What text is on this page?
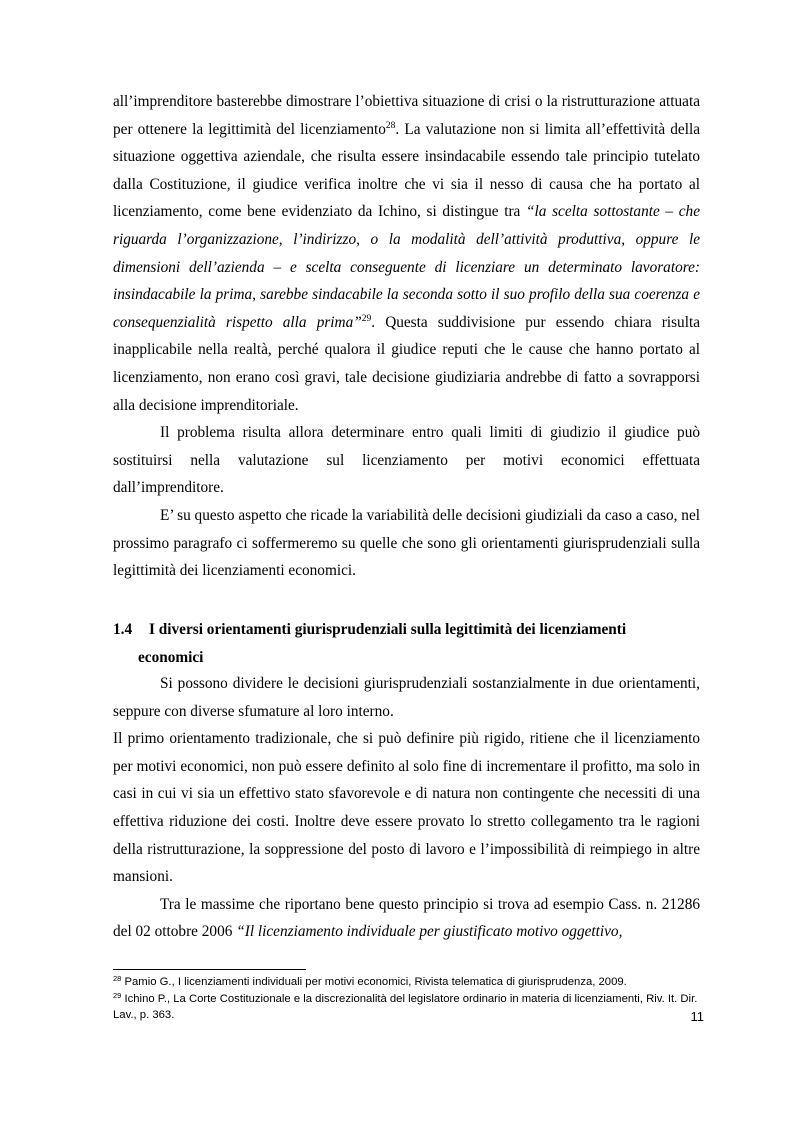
all’imprenditore basterebbe dimostrare l’obiettiva situazione di crisi o la ristrutturazione attuata per ottenere la legittimità del licenziamento$^{28}$. La valutazione non si limita all’effettività della situazione oggettiva aziendale, che risulta essere insindacabile essendo tale principio tutelato dalla Costituzione, il giudice verifica inoltre che vi sia il nesso di causa che ha portato al licenziamento, come bene evidenziato da Ichino, si distingue tra “la scelta sottostante – che riguarda l’organizzazione, l’indirizzo, o la modalità dell’attività produttiva, oppure le dimensioni dell’azienda – e scelta conseguente di licenziare un determinato lavoratore: insindacabile la prima, sarebbe sindacabile la seconda sotto il suo profilo della sua coerenza e consequenzialità rispetto alla prima”$^{29}$. Questa suddivisione pur essendo chiara risulta inapplicabile nella realtà, perché qualora il giudice reputi che le cause che hanno portato al licenziamento, non erano così gravi, tale decisione giudiziaria andrebbe di fatto a sovrapporsi alla decisione imprenditoriale.

Il problema risulta allora determinare entro quali limiti di giudizio il giudice può sostituirsi nella valutazione sul licenziamento per motivi economici effettuata dall’imprenditore.

E’ su questo aspetto che ricade la variabilità delle decisioni giudiziali da caso a caso, nel prossimo paragrafo ci soffermeremo su quelle che sono gli orientamenti giurisprudenziali sulla legittimità dei licenziamenti economici.

1.4 I diversi orientamenti giurisprudenziali sulla legittimità dei licenziamenti
economici

Si possono dividere le decisioni giurisprudenziali sostanzialmente in due orientamenti, seppure con diverse sfumature al loro interno.

Il primo orientamento tradizionale, che si può definire più rigido, ritiene che il licenziamento per motivi economici, non può essere definito al solo fine di incrementare il profitto, ma solo in casi in cui vi sia un effettivo stato sfavorevole e di natura non contingente che necessiti di una effettiva riduzione dei costi. Inoltre deve essere provato lo stretto collegamento tra le ragioni della ristrutturazione, la soppressione del posto di lavoro e l’impossibilità di reimpiego in altre mansioni.

Tra le massime che riportano bene questo principio si trova ad esempio Cass. n. 21286 del 02 ottobre 2006 “Il licenziamento individuale per giustificato motivo oggettivo,

$^{28}$ Pamio G., I licenziamenti individuali per motivi economici, Rivista telematica di giurisprudenza, 2009.
$^{29}$ Ichino P., La Corte Costituzionale e la discrezionalità del legislatore ordinario in materia di licenziamenti, Riv. It. Dir. Lav., p. 363.	11
